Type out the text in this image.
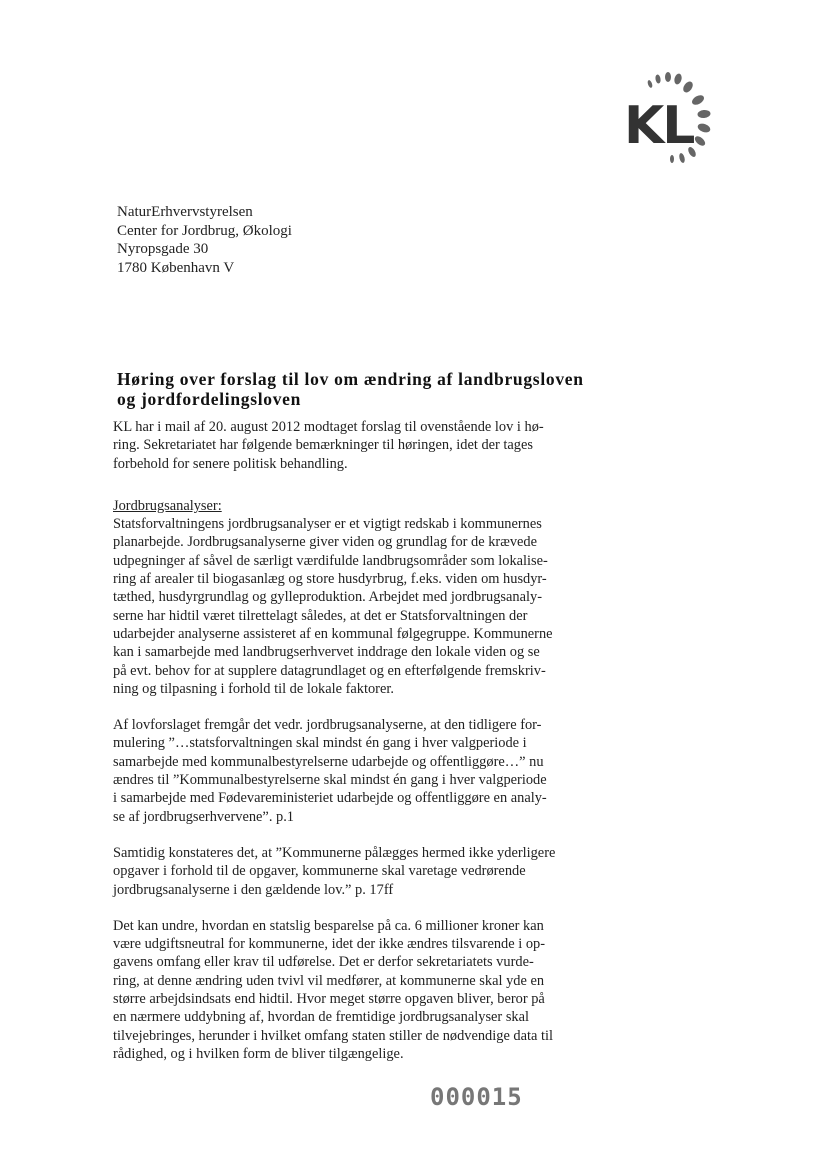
KL
NaturErhvervstyrelsen
Center for Jordbrug, Økologi
Nyropsgade 30
1780 København V
Høring over forslag til lov om ændring af landbrugsloven
og jordfordelingsloven
KL har i mail af 20. august 2012 modtaget forslag til ovenstående lov i hø-
ring. Sekretariatet har følgende bemærkninger til høringen, idet der tages
forbehold for senere politisk behandling.
Jordbrugsanalyser:
Statsforvaltningens jordbrugsanalyser er et vigtigt redskab i kommunernes
planarbejde. Jordbrugsanalyserne giver viden og grundlag for de krævede
udpegninger af såvel de særligt værdifulde landbrugsområder som lokalise-
ring af arealer til biogasanlæg og store husdyrbrug, f.eks. viden om husdyr-
tæthed, husdyrgrundlag og gylleproduktion. Arbejdet med jordbrugsanaly-
serne har hidtil været tilrettelagt således, at det er Statsforvaltningen der
udarbejder analyserne assisteret af en kommunal følgegruppe. Kommunerne
kan i samarbejde med landbrugserhvervet inddrage den lokale viden og se
på evt. behov for at supplere datagrundlaget og en efterfølgende fremskriv-
ning og tilpasning i forhold til de lokale faktorer.
Af lovforslaget fremgår det vedr. jordbrugsanalyserne, at den tidligere for-
mulering ”…statsforvaltningen skal mindst én gang i hver valgperiode i
samarbejde med kommunalbestyrelserne udarbejde og offentliggøre…” nu
ændres til ”Kommunalbestyrelserne skal mindst én gang i hver valgperiode
i samarbejde med Fødevareministeriet udarbejde og offentliggøre en analy-
se af jordbrugserhvervene”. p.1
Samtidig konstateres det, at ”Kommunerne pålægges hermed ikke yderligere
opgaver i forhold til de opgaver, kommunerne skal varetage vedrørende
jordbrugsanalyserne i den gældende lov.” p. 17ff
Det kan undre, hvordan en statslig besparelse på ca. 6 millioner kroner kan
være udgiftsneutral for kommunerne, idet der ikke ændres tilsvarende i op-
gavens omfang eller krav til udførelse. Det er derfor sekretariatets vurde-
ring, at denne ændring uden tvivl vil medfører, at kommunerne skal yde en
større arbejdsindsats end hidtil. Hvor meget større opgaven bliver, beror på
en nærmere uddybning af, hvordan de fremtidige jordbrugsanalyser skal
tilvejebringes, herunder i hvilket omfang staten stiller de nødvendige data til
rådighed, og i hvilken form de bliver tilgængelige.
000015
